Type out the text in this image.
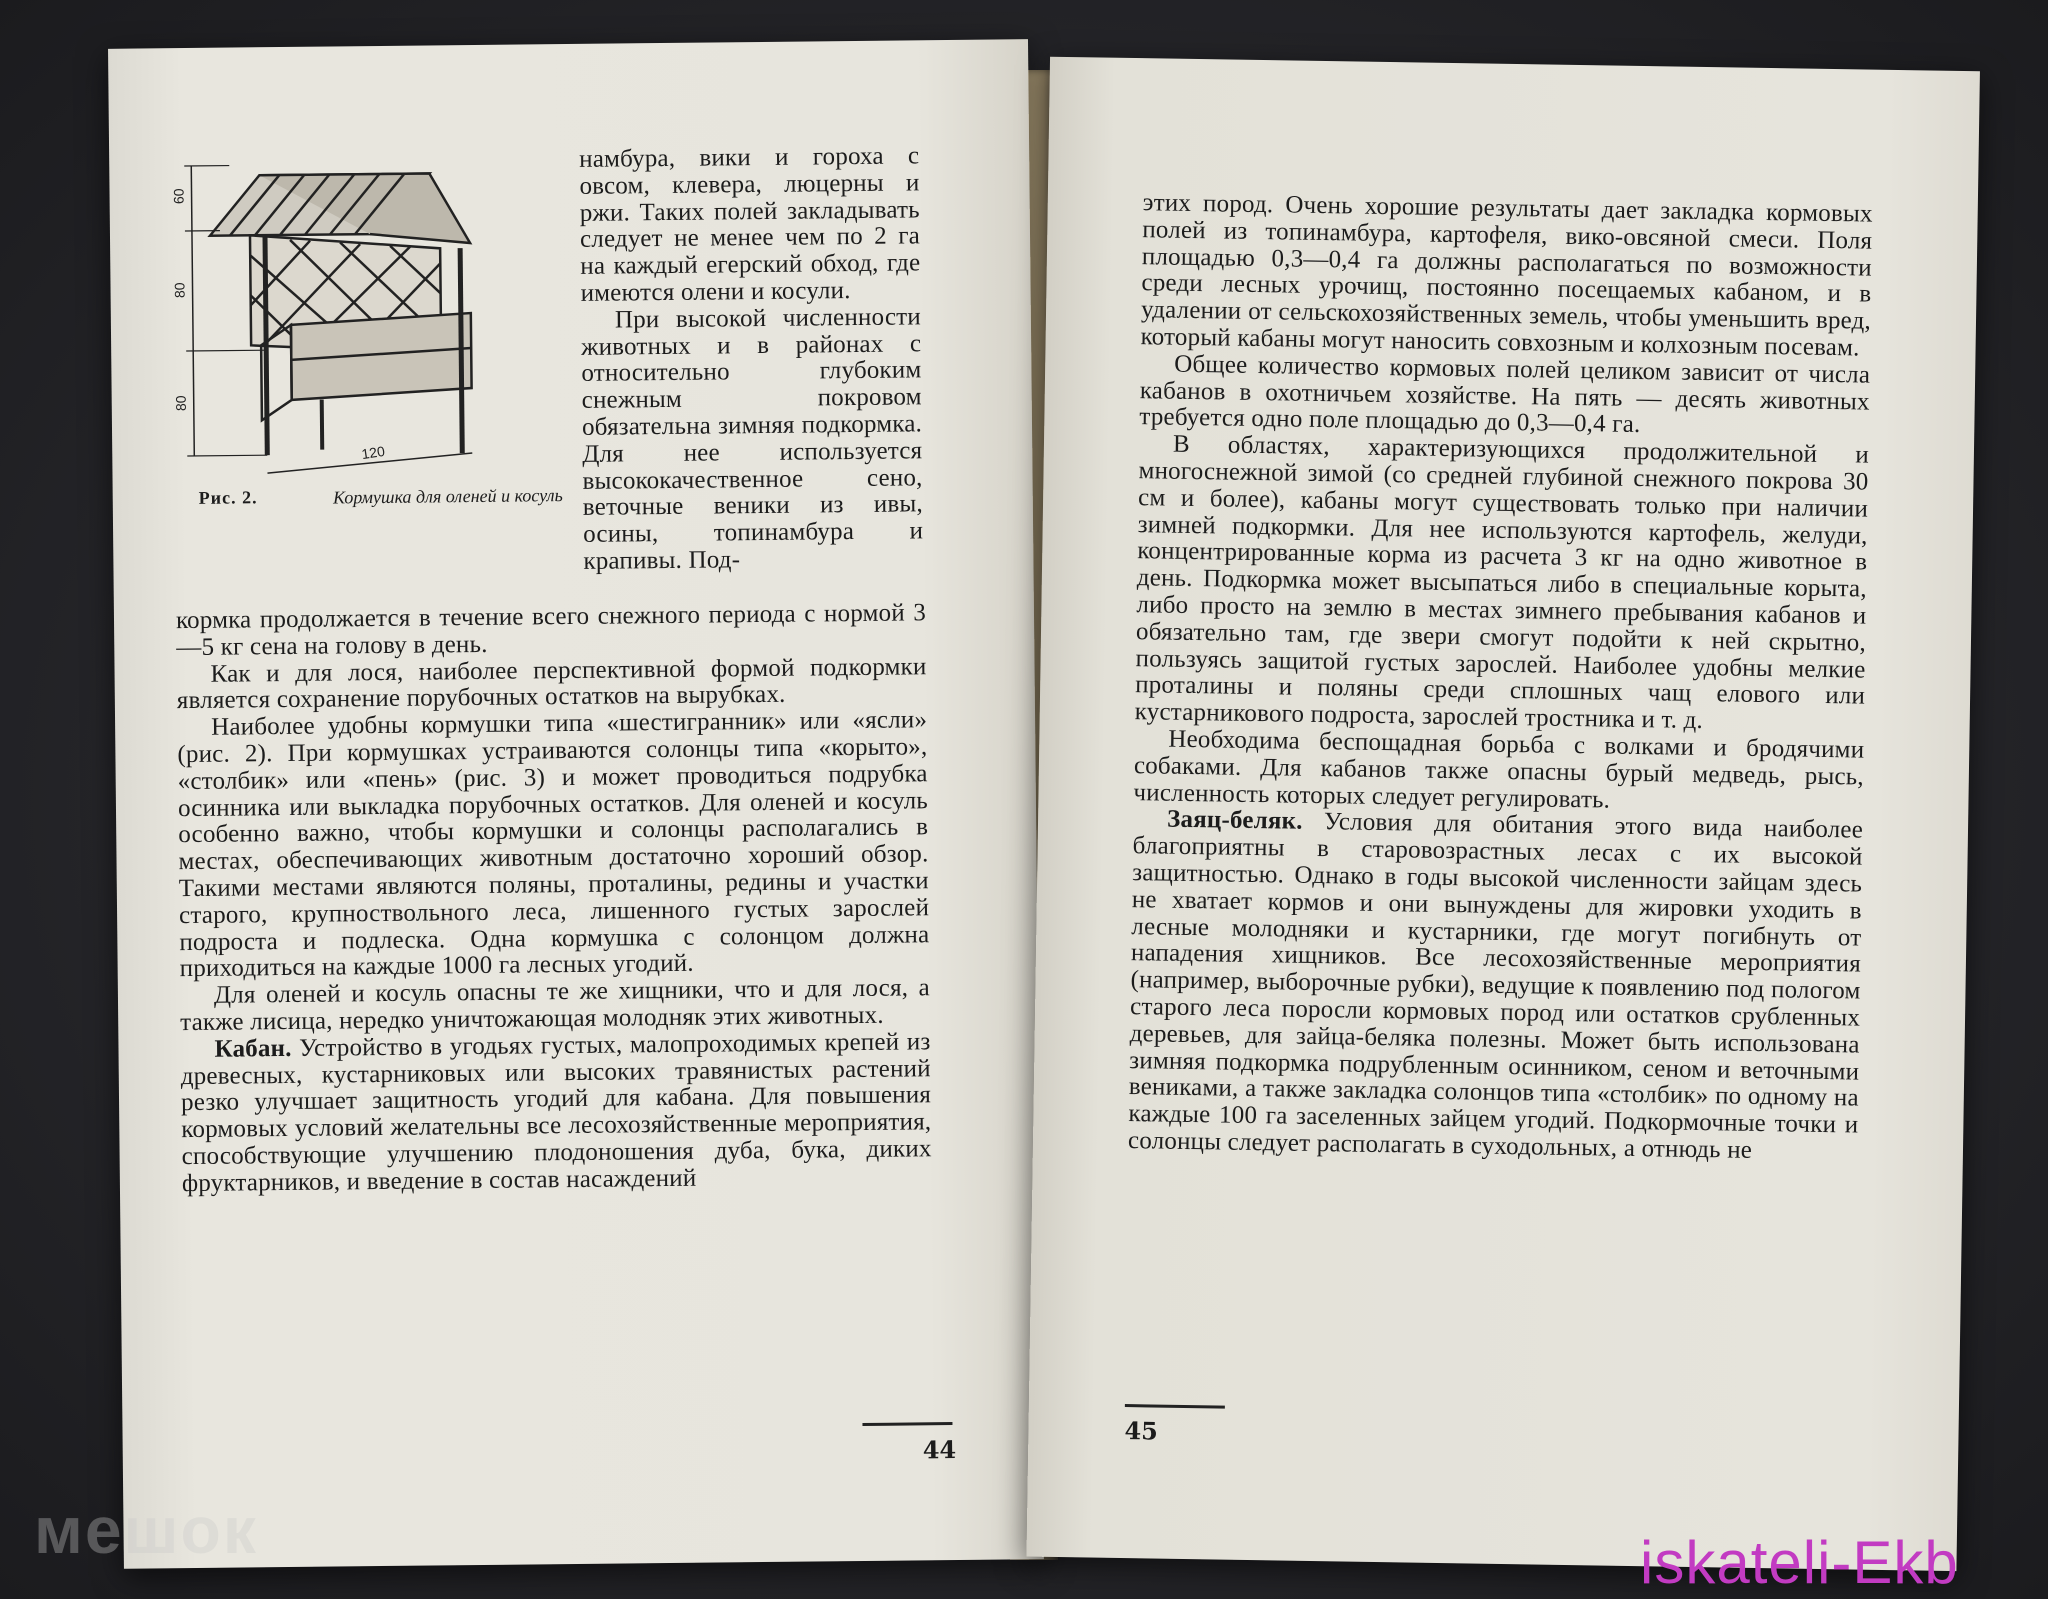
60
80
80
120
Рис. 2.	Кормушка для оленей и косуль

намбура, вики и гороха с овсом, клевера, люцерны и ржи. Таких полей закладывать следует не менее чем по 2 га на каждый егерский обход, где имеются олени и косули.

При высокой численности животных и в районах с относительно глубоким снежным покровом обязательна зимняя подкормка. Для нее используется высококачественное сено, веточные веники из ивы, осины, топинамбура и крапивы. Под-

кормка продолжается в течение всего снежного периода с нормой 3—5 кг сена на голову в день.

Как и для лося, наиболее перспективной формой подкормки является сохранение порубочных остатков на вырубках.

Наиболее удобны кормушки типа «шестигранник» или «ясли» (рис. 2). При кормушках устраиваются солонцы типа «корыто», «столбик» или «пень» (рис. 3) и может проводиться подрубка осинника или выкладка порубочных остатков. Для оленей и косуль особенно важно, чтобы кормушки и солонцы располагались в местах, обеспечивающих животным достаточно хороший обзор. Такими местами являются поляны, проталины, редины и участки старого, крупноствольного леса, лишенного густых зарослей подроста и подлеска. Одна кормушка с солонцом должна приходиться на каждые 1000 га лесных угодий.

Для оленей и косуль опасны те же хищники, что и для лося, а также лисица, нередко уничтожающая молодняк этих животных.

Кабан. Устройство в угодьях густых, малопроходимых крепей из древесных, кустарниковых или высоких травянистых растений резко улучшает защитность угодий для кабана. Для повышения кормовых условий желательны все лесохозяйственные мероприятия, способствующие улучшению плодоношения дуба, бука, диких фруктарников, и введение в состав насаждений

44

этих пород. Очень хорошие результаты дает закладка кормовых полей из топинамбура, картофеля, вико-овсяной смеси. Поля площадью 0,3—0,4 га должны располагаться по возможности среди лесных урочищ, постоянно посещаемых кабаном, и в удалении от сельскохозяйственных земель, чтобы уменьшить вред, который кабаны могут наносить совхозным и колхозным посевам.

Общее количество кормовых полей целиком зависит от числа кабанов в охотничьем хозяйстве. На пять — десять животных требуется одно поле площадью до 0,3—0,4 га.

В областях, характеризующихся продолжительной и многоснежной зимой (со средней глубиной снежного покрова 30 см и более), кабаны могут существовать только при наличии зимней подкормки. Для нее используются картофель, желуди, концентрированные корма из расчета 3 кг на одно животное в день. Подкормка может высыпаться либо в специальные корыта, либо просто на землю в местах зимнего пребывания кабанов и обязательно там, где звери смогут подойти к ней скрытно, пользуясь защитой густых зарослей. Наиболее удобны мелкие проталины и поляны среди сплошных чащ елового или кустарникового подроста, зарослей тростника и т. д.

Необходима беспощадная борьба с волками и бродячими собаками. Для кабанов также опасны бурый медведь, рысь, численность которых следует регулировать.

Заяц-беляк. Условия для обитания этого вида наиболее благоприятны в старовозрастных лесах с их высокой защитностью. Однако в годы высокой численности зайцам здесь не хватает кормов и они вынуждены для жировки уходить в лесные молодняки и кустарники, где могут погибнуть от нападения хищников. Все лесохозяйственные мероприятия (например, выборочные рубки), ведущие к появлению под пологом старого леса поросли кормовых пород или остатков срубленных деревьев, для зайца-беляка полезны. Может быть использована зимняя подкормка подрубленным осинником, сеном и веточными вениками, а также закладка солонцов типа «столбик» по одному на каждые 100 га заселенных зайцем угодий. Подкормочные точки и солонцы следует располагать в суходольных, а отнюдь не

45
мешок	iskateli-Ekb
